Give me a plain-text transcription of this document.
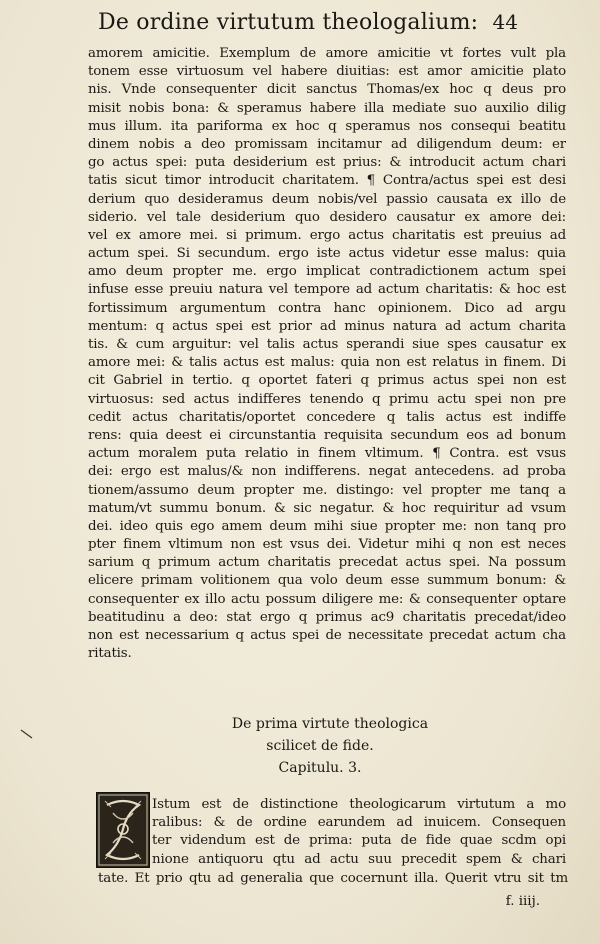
De ordine virtutum theologalium: 44
amorem amicitie. Exemplum de amore amicitie vt fortes vult pla
tonem esse virtuosum vel habere diuitias: est amor amicitie plato
nis. Vnde consequenter dicit sanctus Thomas/ex hoc q deus pro
misit nobis bona: & speramus habere illa mediate suo auxilio dilig
mus illum. ita pariforma ex hoc q speramus nos consequi beatitu
dinem nobis a deo promissam incitamur ad diligendum deum: er
go actus spei: puta desiderium est prius: & introducit actum chari
tatis sicut timor introducit charitatem. ¶ Contra/actus spei est desi
derium quo desideramus deum nobis/vel passio causata ex illo de
siderio. vel tale desiderium quo desidero causatur ex amore dei:
vel ex amore mei. si primum. ergo actus charitatis est preuius ad
actum spei. Si secundum. ergo iste actus videtur esse malus: quia
amo deum propter me. ergo implicat contradictionem actum spei
infuse esse preuiu natura vel tempore ad actum charitatis: & hoc est
fortissimum argumentum contra hanc opinionem. Dico ad argu
mentum: q actus spei est prior ad minus natura ad actum charita
tis. & cum arguitur: vel talis actus sperandi siue spes causatur ex
amore mei: & talis actus est malus: quia non est relatus in finem. Di
cit Gabriel in tertio. q oportet fateri q primus actus spei non est
virtuosus: sed actus indifferes tenendo q primu actu spei non pre
cedit actus charitatis/oportet concedere q talis actus est indiffe
rens: quia deest ei circunstantia requisita secundum eos ad bonum
actum moralem puta relatio in finem vltimum. ¶ Contra. est vsus
dei: ergo est malus/& non indifferens. negat antecedens. ad proba
tionem/assumo deum propter me. distingo: vel propter me tanq a
matum/vt summu bonum. & sic negatur. & hoc requiritur ad vsum
dei. ideo quis ego amem deum mihi siue propter me: non tanq pro
pter finem vltimum non est vsus dei. Videtur mihi q non est neces
sarium q primum actum charitatis precedat actus spei. Na possum
elicere primam volitionem qua volo deum esse summum bonum: &
consequenter ex illo actu possum diligere me: & consequenter optare
beatitudinu a deo: stat ergo q primus ac9 charitatis precedat/ideo
non est necessarium q actus spei de necessitate precedat actum cha
ritatis.
De prima virtute theologica
scilicet de fide.
Capitulu. 3.
Istum est de distinctione theologicarum virtutum a mo
ralibus: & de ordine earundem ad inuicem. Consequen
ter videndum est de prima: puta de fide quae scdm opi
nione antiquoru qtu ad actu suu precedit spem & chari
tate. Et prio qtu ad generalia que cocernunt illa. Querit vtru sit tm
f. iiij.
